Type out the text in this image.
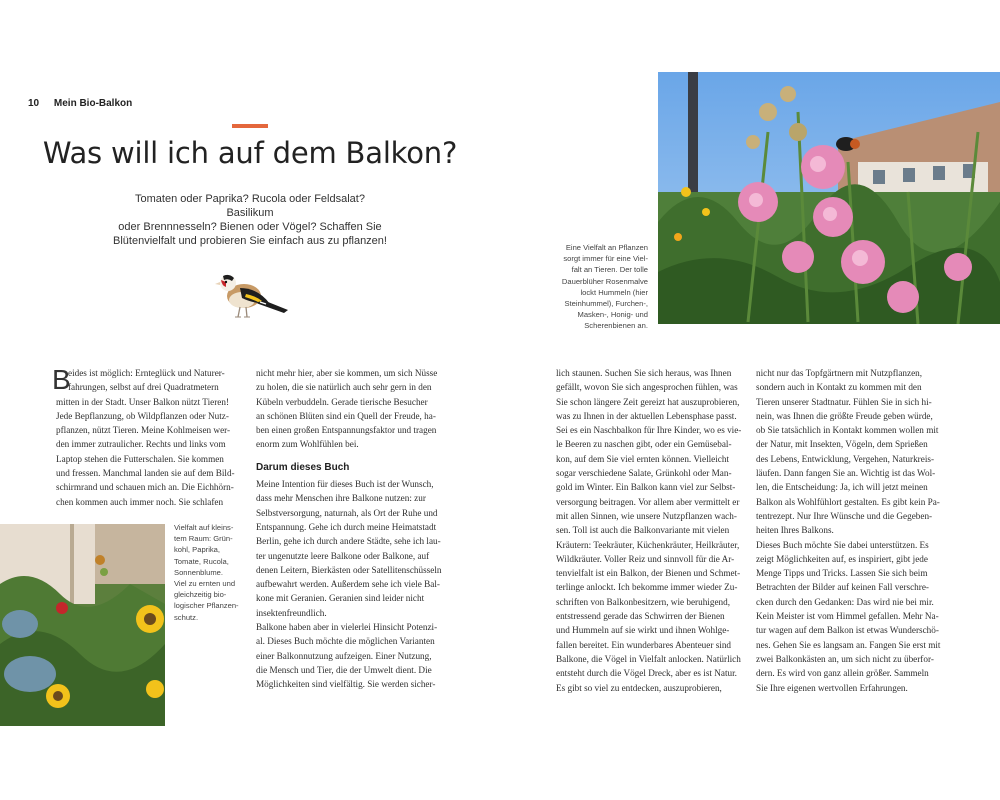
10 Mein Bio-Balkon
Was will ich auf dem Balkon?
Tomaten oder Paprika? Rucola oder Feldsalat? Basilikum
oder Brennnesseln? Bienen oder Vögel? Schaffen Sie
Blütenvielfalt und probieren Sie einfach aus zu pflanzen!
Eine Vielfalt an Pflanzen
sorgt immer für eine Viel-
falt an Tieren. Der tolle
Dauerblüher Rosenmalve
lockt Hummeln (hier
Steinhummel), Furchen-,
Masken-, Honig- und
Scherenbienen an.
Vielfalt auf kleins-
tem Raum: Grün-
kohl, Paprika,
Tomate, Rucola,
Sonnenblume.
Viel zu ernten und
gleichzeitig bio-
logischer Pflanzen-
schutz.
B
eides ist möglich: Ernteglück und Naturer-
fahrungen, selbst auf drei Quadratmetern
mitten in der Stadt. Unser Balkon nützt Tieren!
Jede Bepflanzung, ob Wildpflanzen oder Nutz-
pflanzen, nützt Tieren. Meine Kohlmeisen wer-
den immer zutraulicher. Rechts und links vom
Laptop stehen die Futterschalen. Sie kommen
und fressen. Manchmal landen sie auf dem Bild-
schirmrand und schauen mich an. Die Eichhörn-
chen kommen auch immer noch. Sie schlafen
nicht mehr hier, aber sie kommen, um sich Nüsse
zu holen, die sie natürlich auch sehr gern in den
Kübeln verbuddeln. Gerade tierische Besucher
an schönen Blüten sind ein Quell der Freude, ha-
ben einen großen Entspannungsfaktor und tragen
enorm zum Wohlfühlen bei.
Darum dieses Buch
Meine Intention für dieses Buch ist der Wunsch,
dass mehr Menschen ihre Balkone nutzen: zur
Selbstversorgung, naturnah, als Ort der Ruhe und
Entspannung. Gehe ich durch meine Heimatstadt
Berlin, gehe ich durch andere Städte, sehe ich lau-
ter ungenutzte leere Balkone oder Balkone, auf
denen Leitern, Bierkästen oder Satellitenschüsseln
aufbewahrt werden. Außerdem sehe ich viele Bal-
kone mit Geranien. Geranien sind leider nicht
insektenfreundlich.
Balkone haben aber in vielerlei Hinsicht Potenzi-
al. Dieses Buch möchte die möglichen Varianten
einer Balkonnutzung aufzeigen. Einer Nutzung,
die Mensch und Tier, die der Umwelt dient. Die
Möglichkeiten sind vielfältig. Sie werden sicher-
lich staunen. Suchen Sie sich heraus, was Ihnen
gefällt, wovon Sie sich angesprochen fühlen, was
Sie schon längere Zeit gereizt hat auszuprobieren,
was zu Ihnen in der aktuellen Lebensphase passt.
Sei es ein Naschbalkon für Ihre Kinder, wo es vie-
le Beeren zu naschen gibt, oder ein Gemüsebal-
kon, auf dem Sie viel ernten können. Vielleicht
sogar verschiedene Salate, Grünkohl oder Man-
gold im Winter. Ein Balkon kann viel zur Selbst-
versorgung beitragen. Vor allem aber vermittelt er
mit allen Sinnen, wie unsere Nutzpflanzen wach-
sen. Toll ist auch die Balkonvariante mit vielen
Kräutern: Teekräuter, Küchenkräuter, Heilkräuter,
Wildkräuter. Voller Reiz und sinnvoll für die Ar-
tenvielfalt ist ein Balkon, der Bienen und Schmet-
terlinge anlockt. Ich bekomme immer wieder Zu-
schriften von Balkonbesitzern, wie beruhigend,
entstressend gerade das Schwirren der Bienen
und Hummeln auf sie wirkt und ihnen Wohlge-
fallen bereitet. Ein wunderbares Abenteuer sind
Balkone, die Vögel in Vielfalt anlocken. Natürlich
entsteht durch die Vögel Dreck, aber es ist Natur.
Es gibt so viel zu entdecken, auszuprobieren,
nicht nur das Topfgärtnern mit Nutzpflanzen,
sondern auch in Kontakt zu kommen mit den
Tieren unserer Stadtnatur. Fühlen Sie in sich hi-
nein, was Ihnen die größte Freude geben würde,
ob Sie tatsächlich in Kontakt kommen wollen mit
der Natur, mit Insekten, Vögeln, dem Sprießen
des Lebens, Entwicklung, Vergehen, Naturkreis-
läufen. Dann fangen Sie an. Wichtig ist das Wol-
len, die Entscheidung: Ja, ich will jetzt meinen
Balkon als Wohlfühlort gestalten. Es gibt kein Pa-
tentrezept. Nur Ihre Wünsche und die Gegeben-
heiten Ihres Balkons.
Dieses Buch möchte Sie dabei unterstützen. Es
zeigt Möglichkeiten auf, es inspiriert, gibt jede
Menge Tipps und Tricks. Lassen Sie sich beim
Betrachten der Bilder auf keinen Fall verschre-
cken durch den Gedanken: Das wird nie bei mir.
Kein Meister ist vom Himmel gefallen. Mehr Na-
tur wagen auf dem Balkon ist etwas Wunderschö-
nes. Gehen Sie es langsam an. Fangen Sie erst mit
zwei Balkonkästen an, um sich nicht zu überfor-
dern. Es wird von ganz allein größer. Sammeln
Sie Ihre eigenen wertvollen Erfahrungen.
